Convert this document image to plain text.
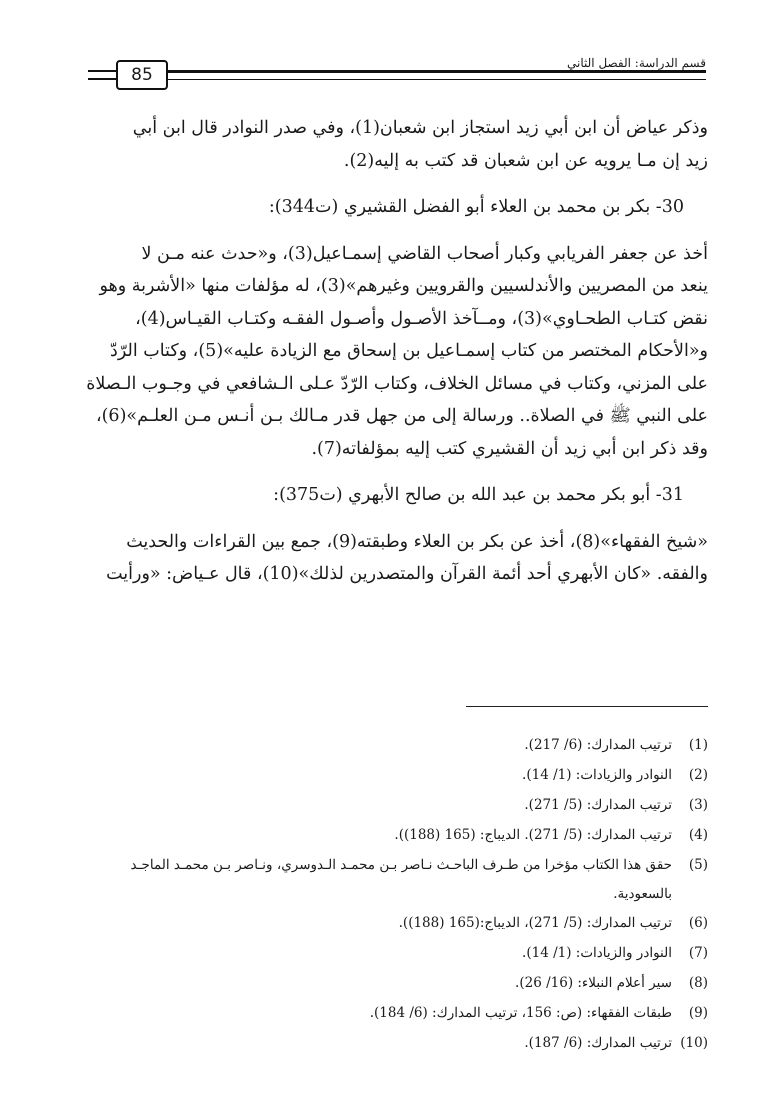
85
قسم الدراسة: الفصل الثاني

وذكر عياض أن ابن أبي زيد استجاز ابن شعبان(1)، وفي صدر النوادر قال ابن أبي

زيد إن مـا يرويه عن ابن شعبان قد كتب به إليه(2).

30- بكر بن محمد بن العلاء أبو الفضل القشيري (ت344):

أخذ عن جعفر الفريابي وكبار أصحاب القاضي إسمـاعيل(3)، و«حدث عنه مـن لا

ينعد من المصريين والأندلسيين والقرويين وغيرهم»(3)، له مؤلفات منها «الأشربة وهو

نقض كتـاب الطحـاوي»(3)، ومــآخذ الأصـول وأصـول الفقـه وكتـاب القيـاس(4)،

و«الأحكام المختصر من كتاب إسمـاعيل بن إسحاق مع الزيادة عليه»(5)، وكتاب الرّدّ

على المزني، وكتاب في مسائل الخلاف، وكتاب الرّدّ عـلى الـشافعي في وجـوب الـصلاة

على النبي ﷺ في الصلاة.. ورسالة إلى من جهل قدر مـالك بـن أنـس مـن العلـم»(6)،

وقد ذكر ابن أبي زيد أن القشيري كتب إليه بمؤلفاته(7).

31- أبو بكر محمد بن عبد الله بن صالح الأبهري (ت375):

«شيخ الفقهاء»(8)، أخذ عن بكر بن العلاء وطبقته(9)، جمع بين القراءات والحديث

والفقه. «كان الأبهري أحد أئمة القرآن والمتصدرين لذلك»(10)، قال عـياض: «ورأيت

(1)
ترتيب المدارك: (6/ 217).

(2)
النوادر والزيادات: (1/ 14).

(3)
ترتيب المدارك: (5/ 271).

(4)
ترتيب المدارك: (5/ 271). الديباج: (165 (188)).

(5)
حقق هذا الكتاب مؤخرا من طـرف الباحـث نـاصر بـن محمـد الـدوسري، ونـاصر بـن محمـد الماجـد
بالسعودية.

(6)
ترتيب المدارك: (5/ 271)، الديباج:(165 (188)).

(7)
النوادر والزيادات: (1/ 14).

(8)
سير أعلام النبلاء: (16/ 26).

(9)
طبقات الفقهاء: (ص: 156، ترتيب المدارك: (6/ 184).

(10)
ترتيب المدارك: (6/ 187).
